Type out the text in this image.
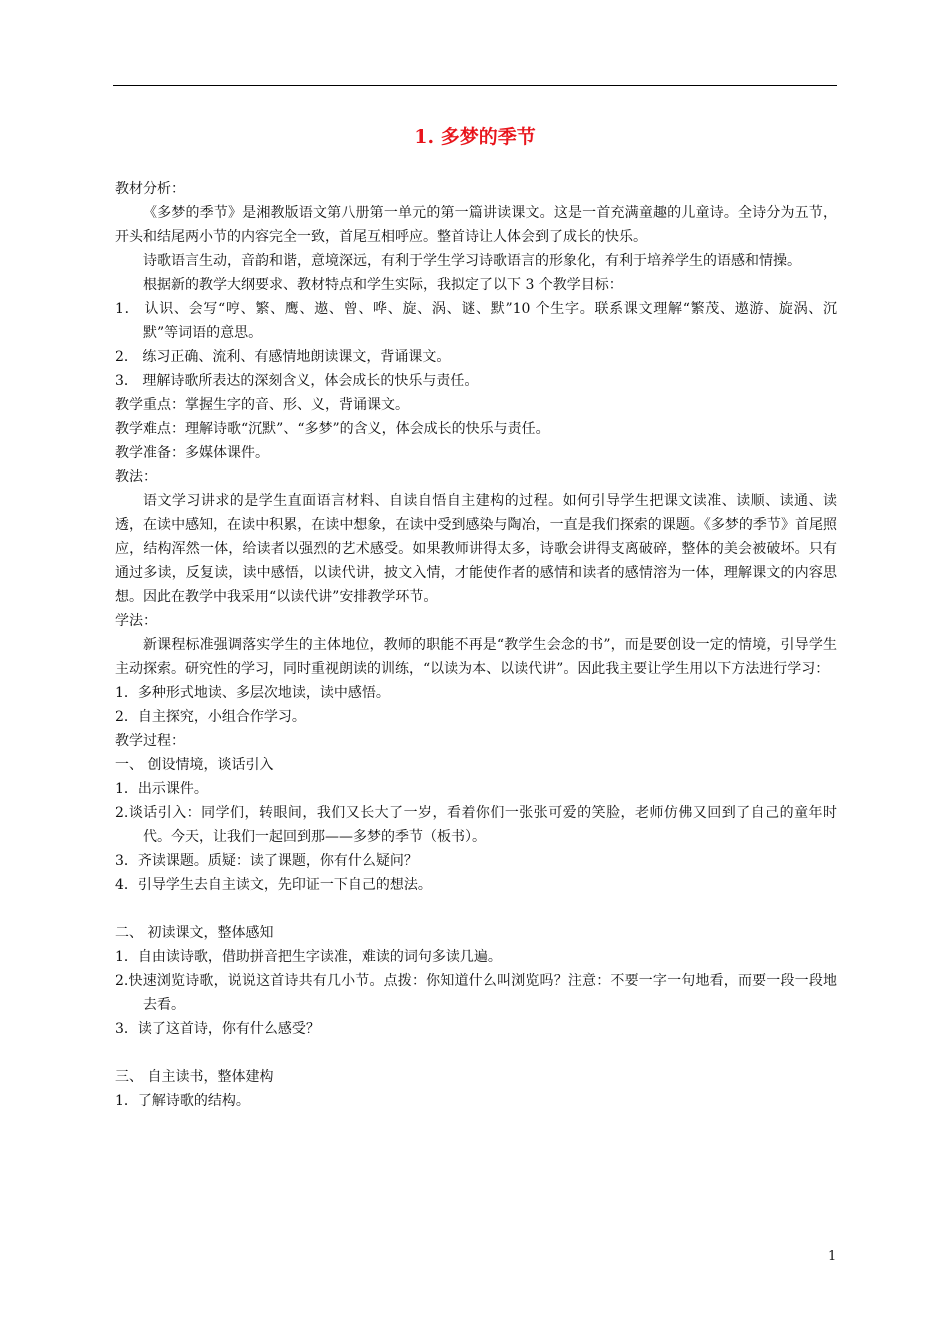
1. 多梦的季节

教材分析：

《多梦的季节》是湘教版语文第八册第一单元的第一篇讲读课文。这是一首充满童趣的儿童诗。全诗分为五节，开头和结尾两小节的内容完全一致，首尾互相呼应。整首诗让人体会到了成长的快乐。

诗歌语言生动，音韵和谐，意境深远，有利于学生学习诗歌语言的形象化，有利于培养学生的语感和情操。

根据新的教学大纲要求、教材特点和学生实际，我拟定了以下 3 个教学目标：

1． 认识、会写“哼、繁、鹰、遨、曾、哗、旋、涡、谜、默”10 个生字。联系课文理解“繁茂、遨游、旋涡、沉默”等词语的意思。

2． 练习正确、流利、有感情地朗读课文，背诵课文。

3． 理解诗歌所表达的深刻含义，体会成长的快乐与责任。

教学重点：掌握生字的音、形、义，背诵课文。

教学难点：理解诗歌“沉默”、“多梦”的含义，体会成长的快乐与责任。

教学准备：多媒体课件。

教法：

语文学习讲求的是学生直面语言材料、自读自悟自主建构的过程。如何引导学生把课文读准、读顺、读通、读透，在读中感知，在读中积累，在读中想象，在读中受到感染与陶冶，一直是我们探索的课题。《多梦的季节》首尾照应，结构浑然一体，给读者以强烈的艺术感受。如果教师讲得太多，诗歌会讲得支离破碎，整体的美会被破坏。只有通过多读，反复读，读中感悟，以读代讲，披文入情，才能使作者的感情和读者的感情溶为一体，理解课文的内容思想。因此在教学中我采用“以读代讲”安排教学环节。

学法：

新课程标准强调落实学生的主体地位，教师的职能不再是“教学生会念的书”，而是要创设一定的情境，引导学生主动探索。研究性的学习，同时重视朗读的训练，“以读为本、以读代讲”。因此我主要让学生用以下方法进行学习：

1．多种形式地读、多层次地读，读中感悟。

2．自主探究，小组合作学习。

教学过程：

一、 创设情境，谈话引入

1．出示课件。

2.谈话引入：同学们，转眼间，我们又长大了一岁，看着你们一张张可爱的笑脸，老师仿佛又回到了自己的童年时代。今天，让我们一起回到那——多梦的季节（板书）。

3．齐读课题。质疑：读了课题，你有什么疑问？

4．引导学生去自主读文，先印证一下自己的想法。

二、 初读课文，整体感知

1．自由读诗歌，借助拼音把生字读准，难读的词句多读几遍。

2.快速浏览诗歌，说说这首诗共有几小节。点拨：你知道什么叫浏览吗？注意：不要一字一句地看，而要一段一段地去看。

3．读了这首诗，你有什么感受？

三、 自主读书，整体建构

1．了解诗歌的结构。

1
